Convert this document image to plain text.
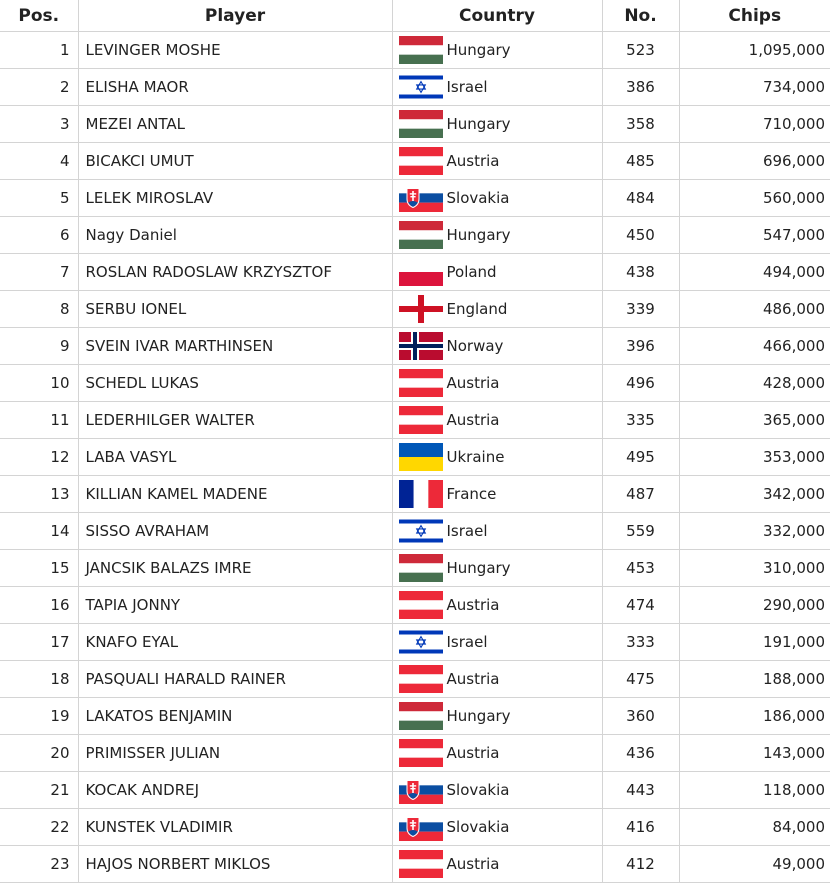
Pos.	Player	Country	No.	Chips
1	LEVINGER MOSHE	Hungary	523	1,095,000
2	ELISHA MAOR	Israel	386	734,000
3	MEZEI ANTAL	Hungary	358	710,000
4	BICAKCI UMUT	Austria	485	696,000
5	LELEK MIROSLAV	Slovakia	484	560,000
6	Nagy Daniel	Hungary	450	547,000
7	ROSLAN RADOSLAW KRZYSZTOF	Poland	438	494,000
8	SERBU IONEL	England	339	486,000
9	SVEIN IVAR MARTHINSEN	Norway	396	466,000
10	SCHEDL LUKAS	Austria	496	428,000
11	LEDERHILGER WALTER	Austria	335	365,000
12	LABA VASYL	Ukraine	495	353,000
13	KILLIAN KAMEL MADENE	France	487	342,000
14	SISSO AVRAHAM	Israel	559	332,000
15	JANCSIK BALAZS IMRE	Hungary	453	310,000
16	TAPIA JONNY	Austria	474	290,000
17	KNAFO EYAL	Israel	333	191,000
18	PASQUALI HARALD RAINER	Austria	475	188,000
19	LAKATOS BENJAMIN	Hungary	360	186,000
20	PRIMISSER JULIAN	Austria	436	143,000
21	KOCAK ANDREJ	Slovakia	443	118,000
22	KUNSTEK VLADIMIR	Slovakia	416	84,000
23	HAJOS NORBERT MIKLOS	Austria	412	49,000
